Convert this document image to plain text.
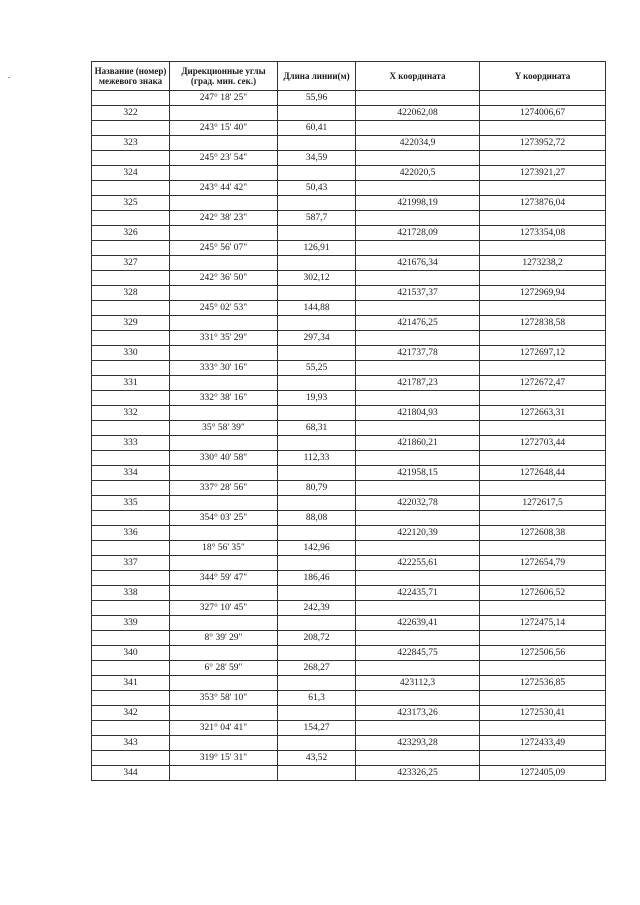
Название (номер) межевого знака	Дирекционные углы (град. мин. сек.)	Длина линии(м)	X координата	Y координата
	247° 18' 25"	55,96		
322			422062,08	1274006,67
	243° 15' 40"	60,41		
323			422034,9	1273952,72
	245° 23' 54"	34,59		
324			422020,5	1273921,27
	243° 44' 42"	50,43		
325			421998,19	1273876,04
	242° 38' 23"	587,7		
326			421728,09	1273354,08
	245° 56' 07"	126,91		
327			421676,34	1273238,2
	242° 36' 50"	302,12		
328			421537,37	1272969,94
	245° 02' 53"	144,88		
329			421476,25	1272838,58
	331° 35' 29"	297,34		
330			421737,78	1272697,12
	333° 30' 16"	55,25		
331			421787,23	1272672,47
	332° 38' 16"	19,93		
332			421804,93	1272663,31
	35° 58' 39"	68,31		
333			421860,21	1272703,44
	330° 40' 58"	112,33		
334			421958,15	1272648,44
	337° 28' 56"	80,79		
335			422032,78	1272617,5
	354° 03' 25"	88,08		
336			422120,39	1272608,38
	18° 56' 35"	142,96		
337			422255,61	1272654,79
	344° 59' 47"	186,46		
338			422435,71	1272606,52
	327° 10' 45"	242,39		
339			422639,41	1272475,14
	8° 39' 29"	208,72		
340			422845,75	1272506,56
	6° 28' 59"	268,27		
341			423112,3	1272536,85
	353° 58' 10"	61,3		
342			423173,26	1272530,41
	321° 04' 41"	154,27		
343			423293,28	1272433,49
	319° 15' 31"	43,52		
344			423326,25	1272405,09
